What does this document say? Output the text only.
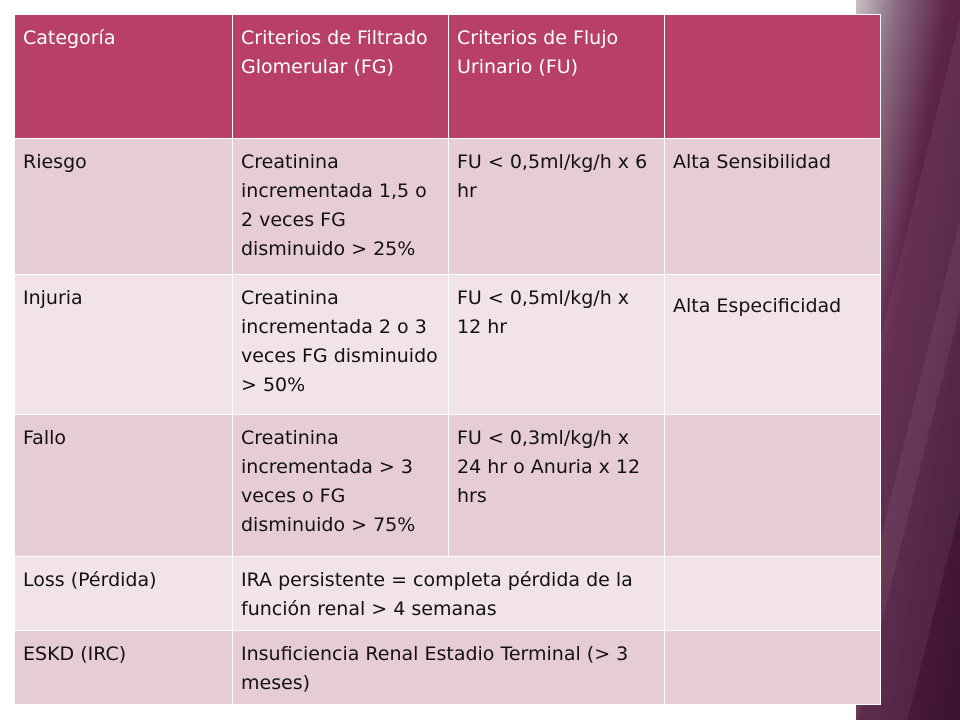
Categoría	Criterios de Filtrado Glomerular (FG)	Criterios de Flujo Urinario (FU)	
Riesgo	Creatinina incrementada 1,5 o 2 veces FG disminuido > 25%	FU < 0,5ml/kg/h x 6 hr	Alta Sensibilidad
Injuria	Creatinina incrementada 2 o 3 veces FG disminuido > 50%	FU < 0,5ml/kg/h x 12 hr	Alta Especificidad

Fallo	Creatinina incrementada > 3 veces o FG disminuido > 75%	FU < 0,3ml/kg/h x 24 hr o Anuria x 12 hrs	
Loss (Pérdida)	IRA persistente = completa pérdida de la función renal > 4 semanas		
ESKD (IRC)	Insuficiencia Renal Estadio Terminal (> 3 meses)		
